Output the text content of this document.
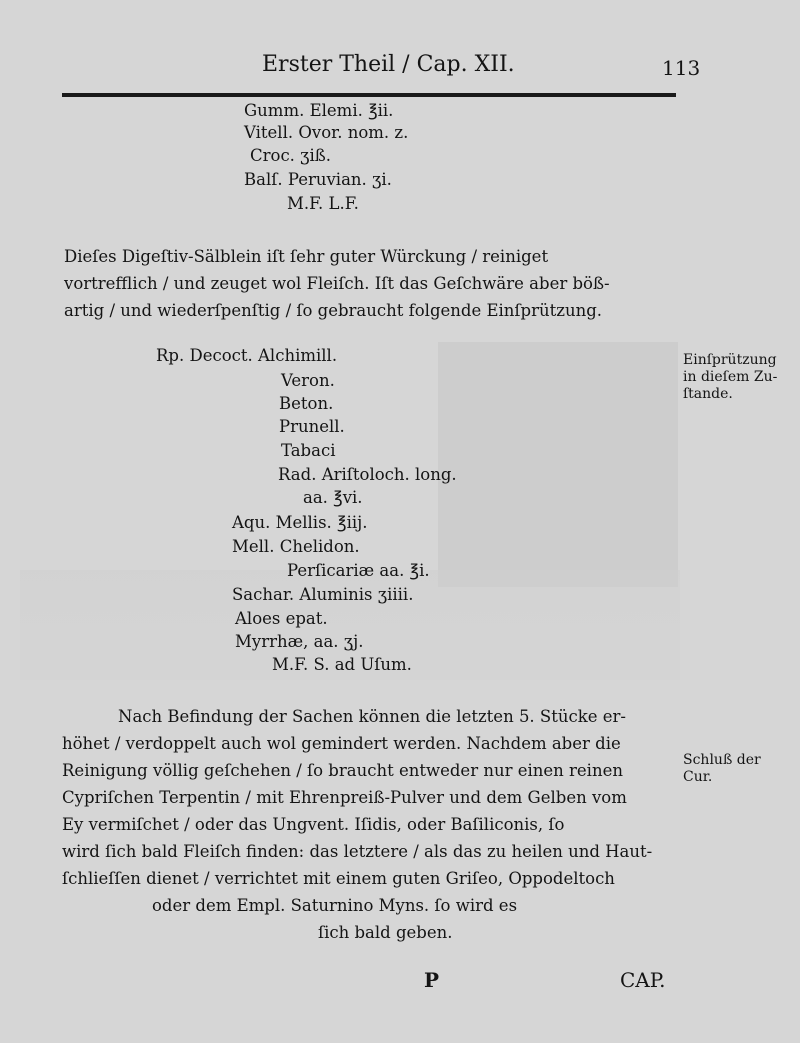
Erster Theil / Cap. XII.	113
Gumm. Elemi. ℥ii.
Vitell. Ovor. nom. z.
Croc. ʒiß.
Balſ. Peruvian. ʒi.
M.F. L.F.
Dieſes Digeſtiv-Sälblein iſt ſehr guter Würckung / reiniget
vortrefflich / und zeuget wol Fleiſch. Iſt das Geſchwäre aber böß-
artig / und wiederſpenſtig / ſo gebraucht folgende Einſprützung.
Rp. Decoct. Alchimill.
Veron.
Beton.
Prunell.
Tabaci
Rad. Ariſtoloch. long.
aa. ℥vi.
Aqu. Mellis. ℥iij.
Mell. Chelidon.
Perſicariæ aa. ℥i.
Sachar. Aluminis ʒiiii.
Aloes epat.
Myrrhæ, aa. ʒj.
M.F. S. ad Uſum.
Einſprützung
in dieſem Zu-
ſtande.
Schluß der
Cur.
Nach Befindung der Sachen können die letzten 5. Stücke er-
höhet / verdoppelt auch wol gemindert werden. Nachdem aber die
Reinigung völlig geſchehen / ſo braucht entweder nur einen reinen
Cypriſchen Terpentin / mit Ehrenpreiß-Pulver und dem Gelben vom
Ey vermiſchet / oder das Ungvent. Iſidis, oder Baſiliconis, ſo
wird ſich bald Fleiſch finden: das letztere / als das zu heilen und Haut-
ſchlieſſen dienet / verrichtet mit einem guten Griſeo, Oppodeltoch
oder dem Empl. Saturnino Myns. ſo wird es
ſich bald geben.
P	CAP.
